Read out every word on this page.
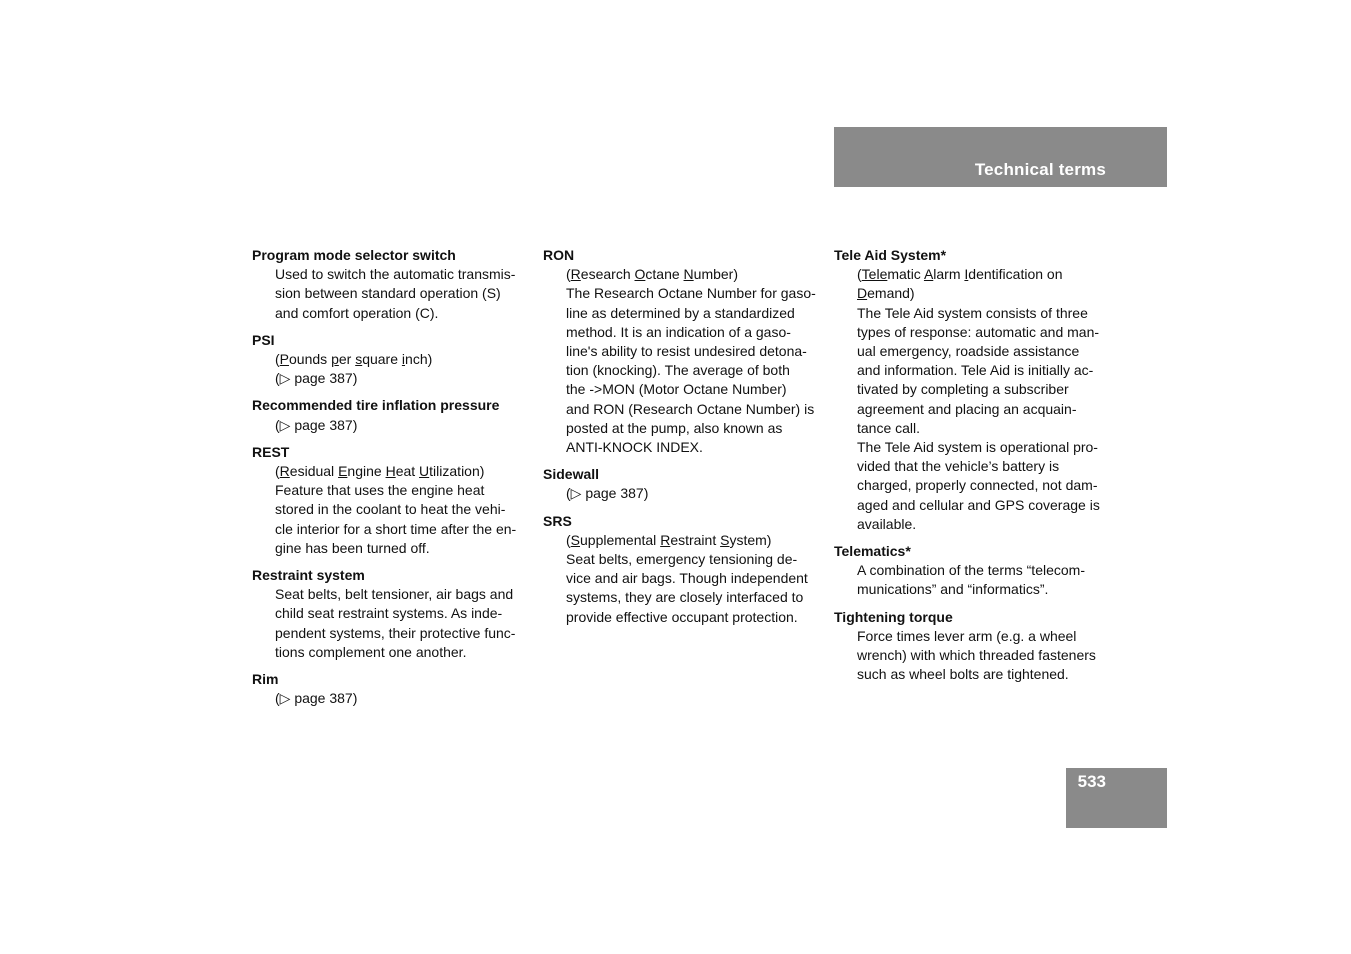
Technical terms
Program mode selector switch
Used to switch the automatic transmis-
sion between standard operation (S)
and comfort operation (C).
PSI
(Pounds per square inch)
(▷ page 387)
Recommended tire inflation pressure
(▷ page 387)
REST
(Residual Engine Heat Utilization)
Feature that uses the engine heat
stored in the coolant to heat the vehi-
cle interior for a short time after the en-
gine has been turned off.
Restraint system
Seat belts, belt tensioner, air bags and
child seat restraint systems. As inde-
pendent systems, their protective func-
tions complement one another.
Rim
(▷ page 387)
RON
(Research Octane Number)
The Research Octane Number for gaso-
line as determined by a standardized
method. It is an indication of a gaso-
line's ability to resist undesired detona-
tion (knocking). The average of both
the ->MON (Motor Octane Number)
and RON (Research Octane Number) is
posted at the pump, also known as
ANTI-KNOCK INDEX.
Sidewall
(▷ page 387)
SRS
(Supplemental Restraint System)
Seat belts, emergency tensioning de-
vice and air bags. Though independent
systems, they are closely interfaced to
provide effective occupant protection.
Tele Aid System*
(Telematic Alarm Identification on
Demand)
The Tele Aid system consists of three
types of response: automatic and man-
ual emergency, roadside assistance
and information. Tele Aid is initially ac-
tivated by completing a subscriber
agreement and placing an acquain-
tance call.
The Tele Aid system is operational pro-
vided that the vehicle’s battery is
charged, properly connected, not dam-
aged and cellular and GPS coverage is
available.
Telematics*
A combination of the terms “telecom-
munications” and “informatics”.
Tightening torque
Force times lever arm (e.g. a wheel
wrench) with which threaded fasteners
such as wheel bolts are tightened.
533
